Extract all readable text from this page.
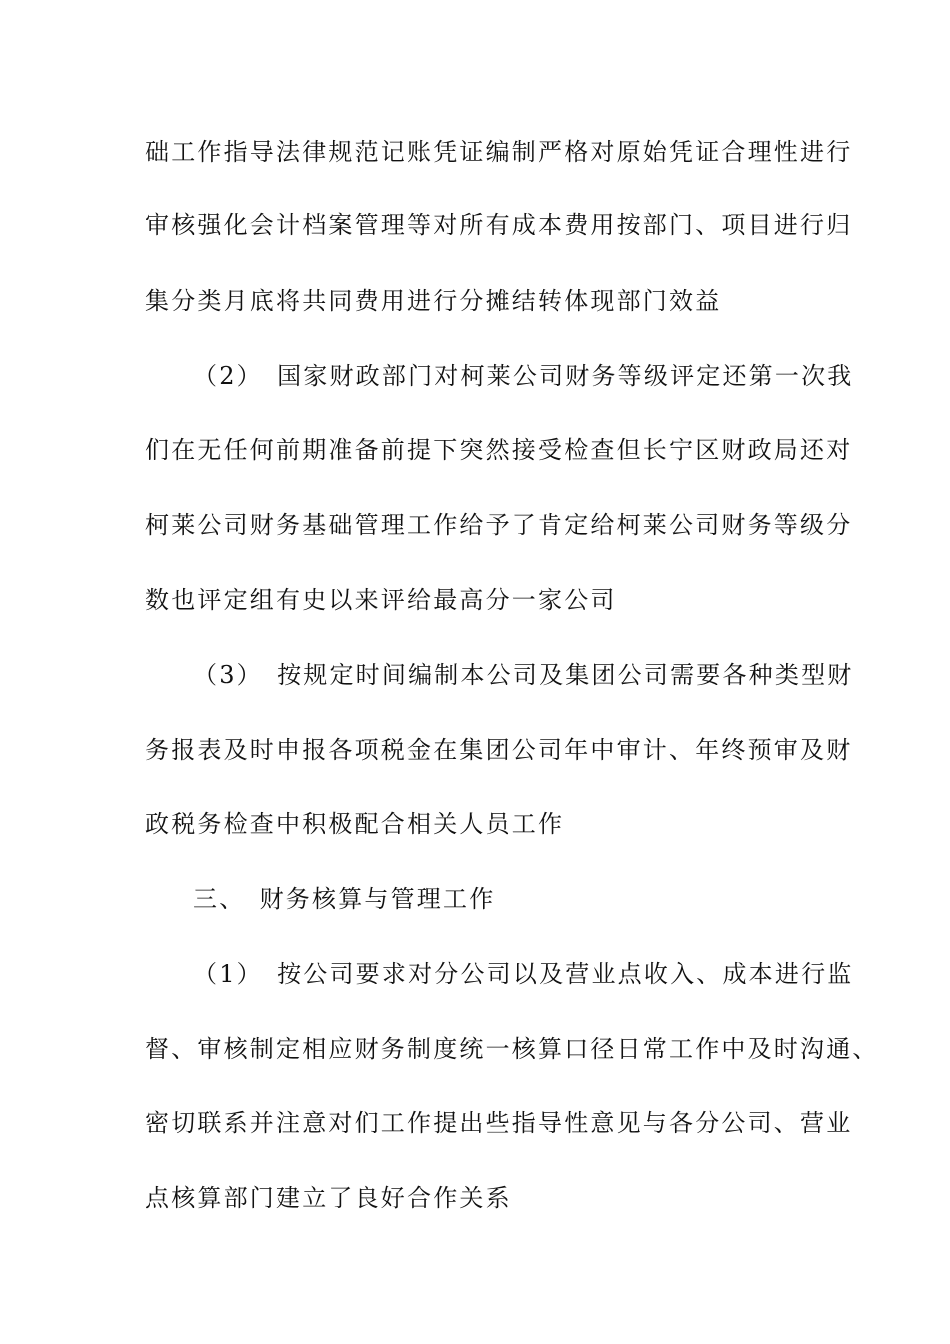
础工作指导法律规范记账凭证编制严格对原始凭证合理性进行
审核强化会计档案管理等对所有成本费用按部门、项目进行归
集分类月底将共同费用进行分摊结转体现部门效益
（2）　国家财政部门对柯莱公司财务等级评定还第一次我
们在无任何前期准备前提下突然接受检查但长宁区财政局还对
柯莱公司财务基础管理工作给予了肯定给柯莱公司财务等级分
数也评定组有史以来评给最高分一家公司
（3）　按规定时间编制本公司及集团公司需要各种类型财
务报表及时申报各项税金在集团公司年中审计、年终预审及财
政税务检查中积极配合相关人员工作
三、　财务核算与管理工作
（1）　按公司要求对分公司以及营业点收入、成本进行监
督、审核制定相应财务制度统一核算口径日常工作中及时沟通、
密切联系并注意对们工作提出些指导性意见与各分公司、营业
点核算部门建立了良好合作关系
